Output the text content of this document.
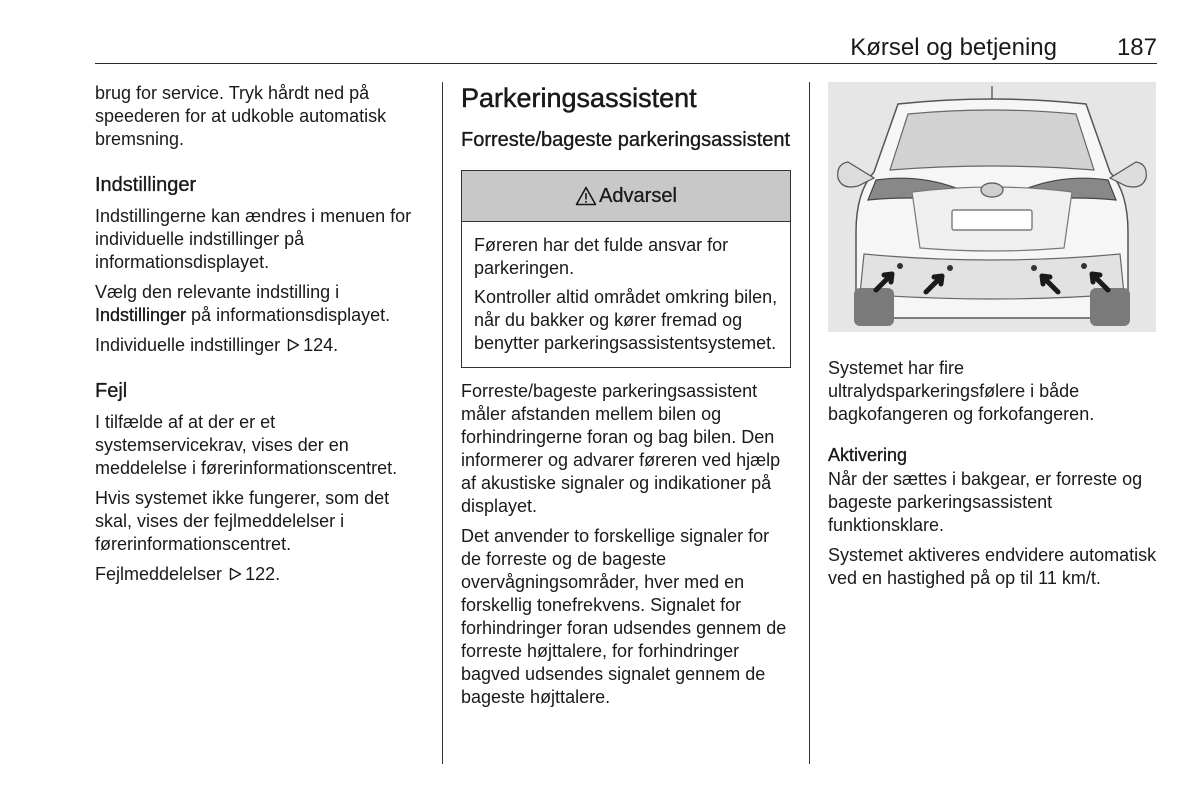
Kørsel og betjening 187

brug for service. Tryk hårdt ned på speederen for at udkoble automatisk bremsning.

Indstillinger

Indstillingerne kan ændres i menuen for individuelle indstillinger på informationsdisplayet.

Vælg den relevante indstilling i Indstillinger på informationsdisplayet.

Individuelle indstillinger 124.

Fejl

I tilfælde af at der er et systemservicekrav, vises der en meddelelse i førerinformationscentret.

Hvis systemet ikke fungerer, som det skal, vises der fejlmeddelelser i førerinformationscentret.

Fejlmeddelelser 122.

Parkeringsassistent
Forreste/bageste parkeringsassistent
Advarsel

Føreren har det fulde ansvar for parkeringen.

Kontroller altid området omkring bilen, når du bakker og kører fremad og benytter parkeringsassistentsystemet.

Forreste/bageste parkeringsassistent måler afstanden mellem bilen og forhindringerne foran og bag bilen. Den informerer og advarer føreren ved hjælp af akustiske signaler og indikationer på displayet.

Det anvender to forskellige signaler for de forreste og de bageste overvågningsområder, hver med en forskellig tonefrekvens. Signalet for forhindringer foran udsendes gennem de forreste højttalere, for forhindringer bagved udsendes signalet gennem de bageste højttalere.

Systemet har fire ultralydsparkeringsfølere i både bagkofangeren og forkofangeren.

Aktivering

Når der sættes i bakgear, er forreste og bageste parkeringsassistent funktionsklare.

Systemet aktiveres endvidere automatisk ved en hastighed på op til 11 km/t.
